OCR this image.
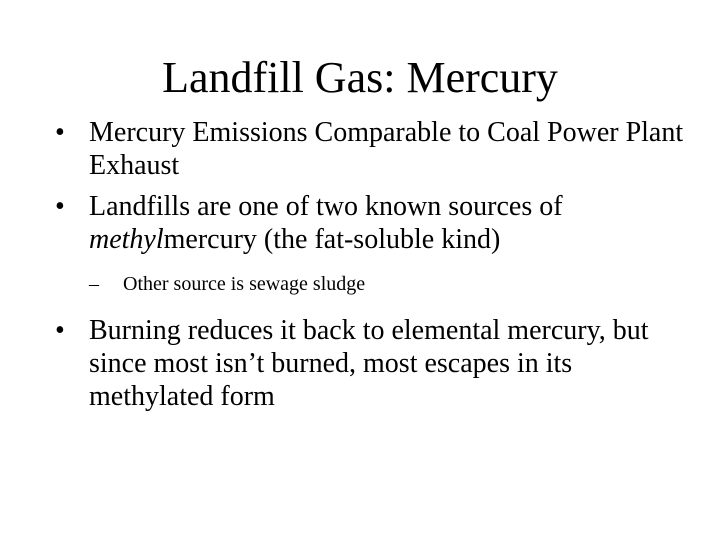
Landfill Gas: Mercury
• Mercury Emissions Comparable to Coal Power Plant Exhaust
• Landfills are one of two known sources of methylmercury (the fat-soluble kind)
–	Other source is sewage sludge
• Burning reduces it back to elemental mercury, but since most isn’t burned, most escapes in its methylated form
